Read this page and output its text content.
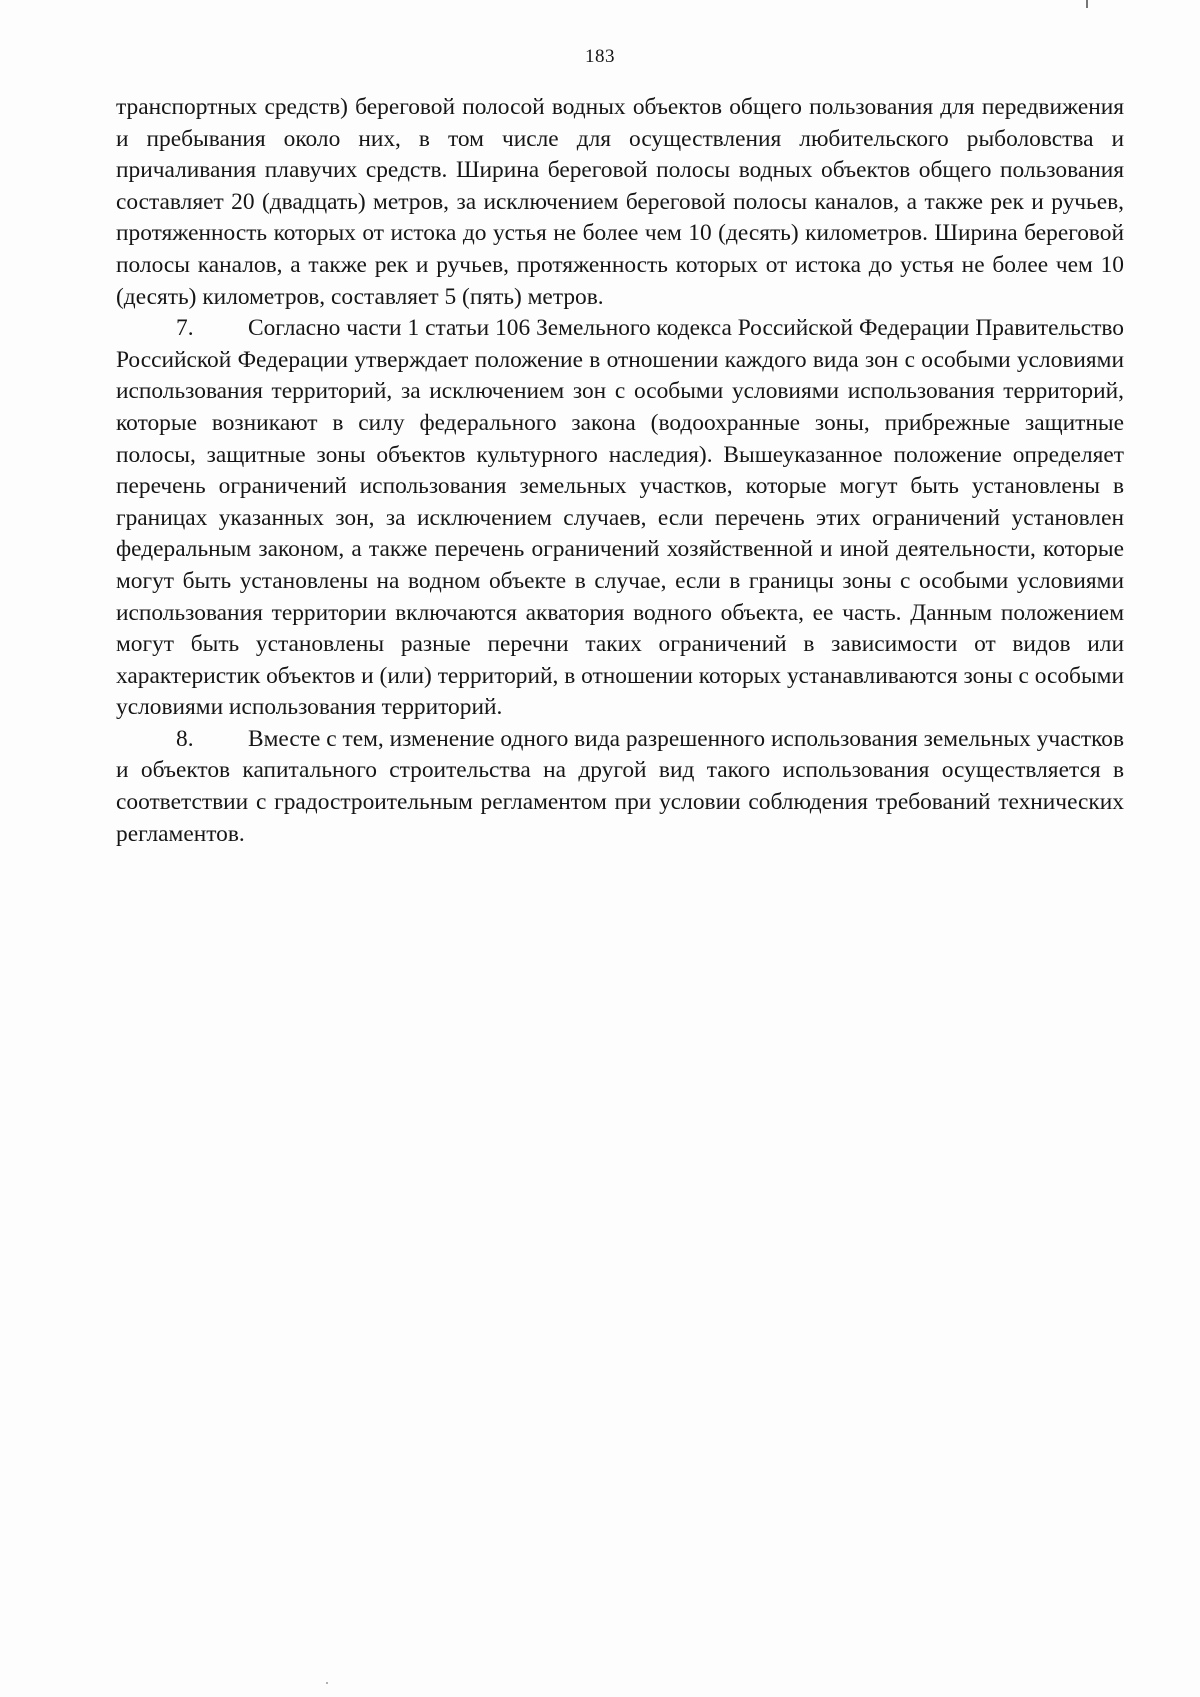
183

транспортных средств) береговой полосой водных объектов общего пользования для передвижения и пребывания около них, в том числе для осуществления любительского рыболовства и причаливания плавучих средств. Ширина береговой полосы водных объектов общего пользования составляет 20 (двадцать) метров, за исключением береговой полосы каналов, а также рек и ручьев, протяженность которых от истока до устья не более чем 10 (десять) километров. Ширина береговой полосы каналов, а также рек и ручьев, протяженность которых от истока до устья не более чем 10 (десять) километров, составляет 5 (пять) метров.

7. Согласно части 1 статьи 106 Земельного кодекса Российской Федерации Правительство Российской Федерации утверждает положение в отношении каждого вида зон с особыми условиями использования территорий, за исключением зон с особыми условиями использования территорий, которые возникают в силу федерального закона (водоохранные зоны, прибрежные защитные полосы, защитные зоны объектов культурного наследия). Вышеуказанное положение определяет перечень ограничений использования земельных участков, которые могут быть установлены в границах указанных зон, за исключением случаев, если перечень этих ограничений установлен федеральным законом, а также перечень ограничений хозяйственной и иной деятельности, которые могут быть установлены на водном объекте в случае, если в границы зоны с особыми условиями использования территории включаются акватория водного объекта, ее часть. Данным положением могут быть установлены разные перечни таких ограничений в зависимости от видов или характеристик объектов и (или) территорий, в отношении которых устанавливаются зоны с особыми условиями использования территорий.

8. Вместе с тем, изменение одного вида разрешенного использования земельных участков и объектов капитального строительства на другой вид такого использования осуществляется в соответствии с градостроительным регламентом при условии соблюдения требований технических регламентов.
